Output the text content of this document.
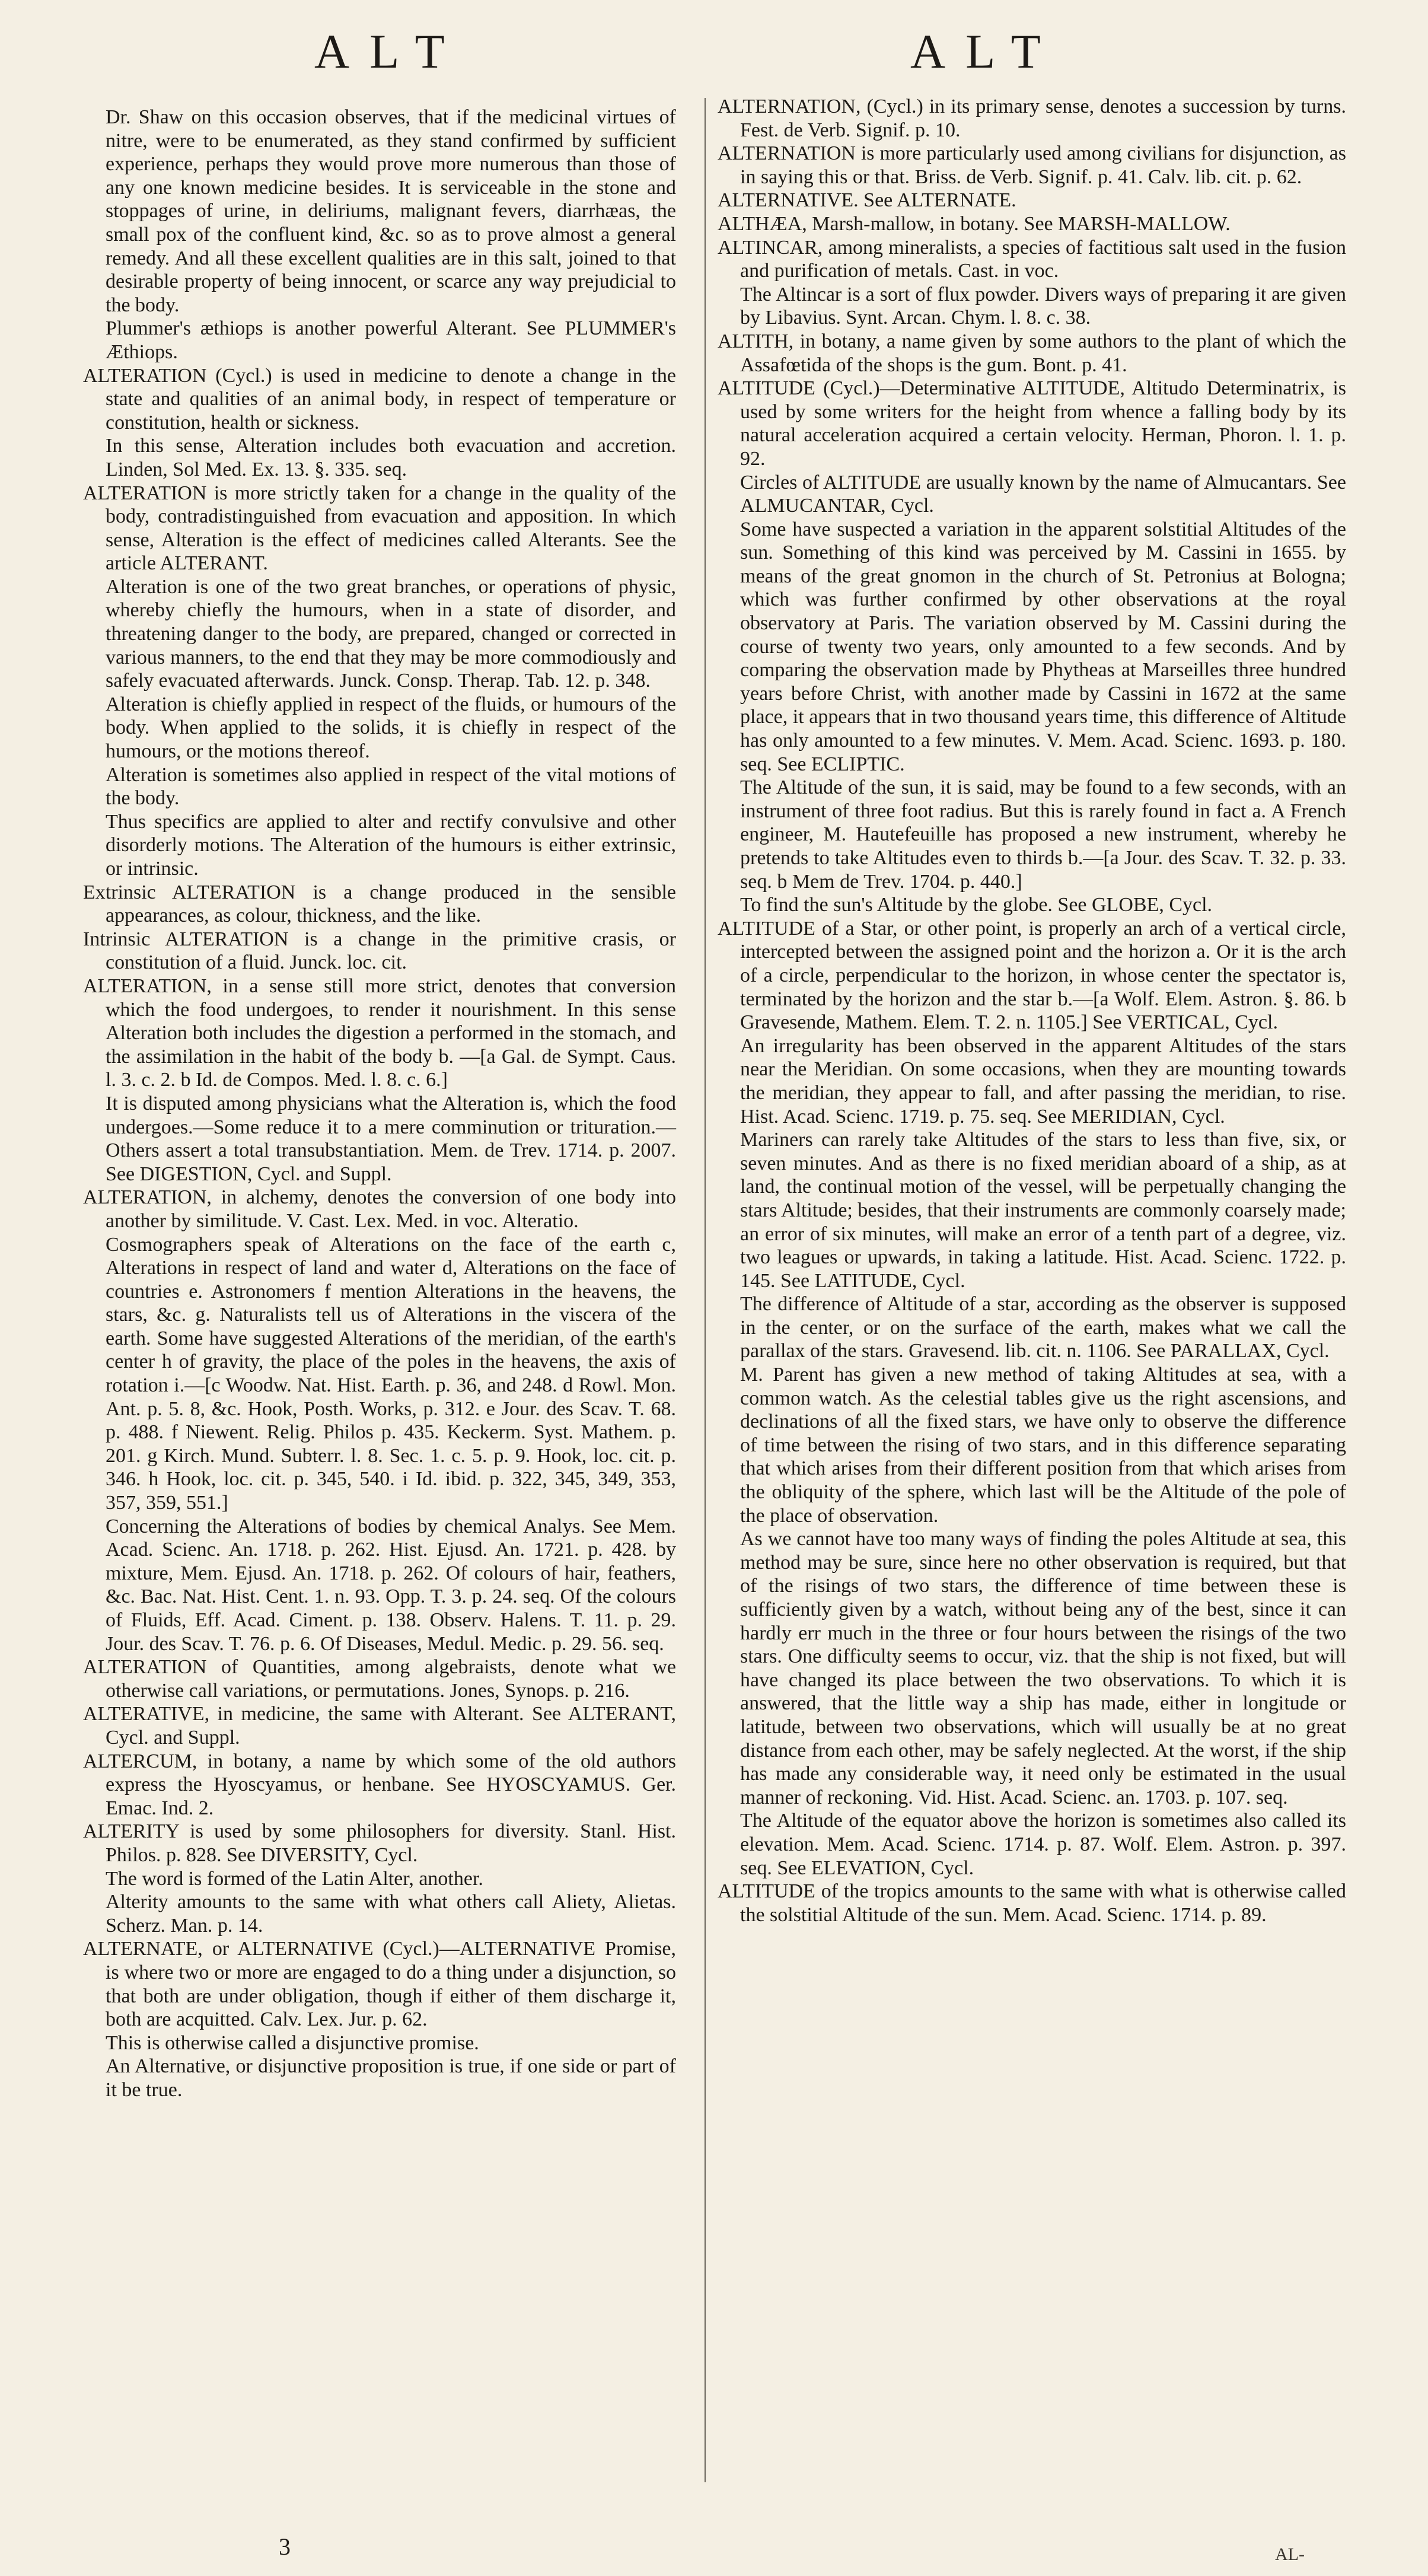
ALT	ALT

Dr. Shaw on this occasion observes, that if the medicinal virtues of nitre, were to be enumerated, as they stand confirmed by sufficient experience, perhaps they would prove more numerous than those of any one known medicine besides. It is serviceable in the stone and stoppages of urine, in deliriums, malignant fevers, diarrhæas, the small pox of the confluent kind, &c. so as to prove almost a general remedy. And all these excellent qualities are in this salt, joined to that desirable property of being innocent, or scarce any way prejudicial to the body.

Plummer's æthiops is another powerful Alterant. See PLUMMER's Æthiops.

ALTERATION (Cycl.) is used in medicine to denote a change in the state and qualities of an animal body, in respect of temperature or constitution, health or sickness.

In this sense, Alteration includes both evacuation and accretion. Linden, Sol Med. Ex. 13. §. 335. seq.

ALTERATION is more strictly taken for a change in the quality of the body, contradistinguished from evacuation and apposition. In which sense, Alteration is the effect of medicines called Alterants. See the article ALTERANT.

Alteration is one of the two great branches, or operations of physic, whereby chiefly the humours, when in a state of disorder, and threatening danger to the body, are prepared, changed or corrected in various manners, to the end that they may be more commodiously and safely evacuated afterwards. Junck. Consp. Therap. Tab. 12. p. 348.

Alteration is chiefly applied in respect of the fluids, or humours of the body. When applied to the solids, it is chiefly in respect of the humours, or the motions thereof.

Alteration is sometimes also applied in respect of the vital motions of the body.

Thus specifics are applied to alter and rectify convulsive and other disorderly motions. The Alteration of the humours is either extrinsic, or intrinsic.

Extrinsic ALTERATION is a change produced in the sensible appearances, as colour, thickness, and the like.

Intrinsic ALTERATION is a change in the primitive crasis, or constitution of a fluid. Junck. loc. cit.

ALTERATION, in a sense still more strict, denotes that conversion which the food undergoes, to render it nourishment. In this sense Alteration both includes the digestion a performed in the stomach, and the assimilation in the habit of the body b. —[a Gal. de Sympt. Caus. l. 3. c. 2. b Id. de Compos. Med. l. 8. c. 6.]

It is disputed among physicians what the Alteration is, which the food undergoes.—Some reduce it to a mere comminution or trituration.—Others assert a total transubstantiation. Mem. de Trev. 1714. p. 2007. See DIGESTION, Cycl. and Suppl.

ALTERATION, in alchemy, denotes the conversion of one body into another by similitude. V. Cast. Lex. Med. in voc. Alteratio.

Cosmographers speak of Alterations on the face of the earth c, Alterations in respect of land and water d, Alterations on the face of countries e. Astronomers f mention Alterations in the heavens, the stars, &c. g. Naturalists tell us of Alterations in the viscera of the earth. Some have suggested Alterations of the meridian, of the earth's center h of gravity, the place of the poles in the heavens, the axis of rotation i.—[c Woodw. Nat. Hist. Earth. p. 36, and 248. d Rowl. Mon. Ant. p. 5. 8, &c. Hook, Posth. Works, p. 312. e Jour. des Scav. T. 68. p. 488. f Niewent. Relig. Philos p. 435. Keckerm. Syst. Mathem. p. 201. g Kirch. Mund. Subterr. l. 8. Sec. 1. c. 5. p. 9. Hook, loc. cit. p. 346. h Hook, loc. cit. p. 345, 540. i Id. ibid. p. 322, 345, 349, 353, 357, 359, 551.]

Concerning the Alterations of bodies by chemical Analys. See Mem. Acad. Scienc. An. 1718. p. 262. Hist. Ejusd. An. 1721. p. 428. by mixture, Mem. Ejusd. An. 1718. p. 262. Of colours of hair, feathers, &c. Bac. Nat. Hist. Cent. 1. n. 93. Opp. T. 3. p. 24. seq. Of the colours of Fluids, Eff. Acad. Ciment. p. 138. Observ. Halens. T. 11. p. 29. Jour. des Scav. T. 76. p. 6. Of Diseases, Medul. Medic. p. 29. 56. seq.

ALTERATION of Quantities, among algebraists, denote what we otherwise call variations, or permutations. Jones, Synops. p. 216.

ALTERATIVE, in medicine, the same with Alterant. See ALTERANT, Cycl. and Suppl.

ALTERCUM, in botany, a name by which some of the old authors express the Hyoscyamus, or henbane. See HYOSCYAMUS. Ger. Emac. Ind. 2.

ALTERITY is used by some philosophers for diversity. Stanl. Hist. Philos. p. 828. See DIVERSITY, Cycl.

The word is formed of the Latin Alter, another.

Alterity amounts to the same with what others call Aliety, Alietas. Scherz. Man. p. 14.

ALTERNATE, or ALTERNATIVE (Cycl.)—ALTERNATIVE Promise, is where two or more are engaged to do a thing under a disjunction, so that both are under obligation, though if either of them discharge it, both are acquitted. Calv. Lex. Jur. p. 62.

This is otherwise called a disjunctive promise.

An Alternative, or disjunctive proposition is true, if one side or part of it be true.

ALTERNATION, (Cycl.) in its primary sense, denotes a succession by turns. Fest. de Verb. Signif. p. 10.

ALTERNATION is more particularly used among civilians for disjunction, as in saying this or that. Briss. de Verb. Signif. p. 41. Calv. lib. cit. p. 62.

ALTERNATIVE. See ALTERNATE.

ALTHÆA, Marsh-mallow, in botany. See MARSH-MALLOW.

ALTINCAR, among mineralists, a species of factitious salt used in the fusion and purification of metals. Cast. in voc.

The Altincar is a sort of flux powder. Divers ways of preparing it are given by Libavius. Synt. Arcan. Chym. l. 8. c. 38.

ALTITH, in botany, a name given by some authors to the plant of which the Assafœtida of the shops is the gum. Bont. p. 41.

ALTITUDE (Cycl.)—Determinative ALTITUDE, Altitudo Determinatrix, is used by some writers for the height from whence a falling body by its natural acceleration acquired a certain velocity. Herman, Phoron. l. 1. p. 92.

Circles of ALTITUDE are usually known by the name of Almucantars. See ALMUCANTAR, Cycl.

Some have suspected a variation in the apparent solstitial Altitudes of the sun. Something of this kind was perceived by M. Cassini in 1655. by means of the great gnomon in the church of St. Petronius at Bologna; which was further confirmed by other observations at the royal observatory at Paris. The variation observed by M. Cassini during the course of twenty two years, only amounted to a few seconds. And by comparing the observation made by Phytheas at Marseilles three hundred years before Christ, with another made by Cassini in 1672 at the same place, it appears that in two thousand years time, this difference of Altitude has only amounted to a few minutes. V. Mem. Acad. Scienc. 1693. p. 180. seq. See ECLIPTIC.

The Altitude of the sun, it is said, may be found to a few seconds, with an instrument of three foot radius. But this is rarely found in fact a. A French engineer, M. Hautefeuille has proposed a new instrument, whereby he pretends to take Altitudes even to thirds b.—[a Jour. des Scav. T. 32. p. 33. seq. b Mem de Trev. 1704. p. 440.]

To find the sun's Altitude by the globe. See GLOBE, Cycl.

ALTITUDE of a Star, or other point, is properly an arch of a vertical circle, intercepted between the assigned point and the horizon a. Or it is the arch of a circle, perpendicular to the horizon, in whose center the spectator is, terminated by the horizon and the star b.—[a Wolf. Elem. Astron. §. 86. b Gravesende, Mathem. Elem. T. 2. n. 1105.] See VERTICAL, Cycl.

An irregularity has been observed in the apparent Altitudes of the stars near the Meridian. On some occasions, when they are mounting towards the meridian, they appear to fall, and after passing the meridian, to rise. Hist. Acad. Scienc. 1719. p. 75. seq. See MERIDIAN, Cycl.

Mariners can rarely take Altitudes of the stars to less than five, six, or seven minutes. And as there is no fixed meridian aboard of a ship, as at land, the continual motion of the vessel, will be perpetually changing the stars Altitude; besides, that their instruments are commonly coarsely made; an error of six minutes, will make an error of a tenth part of a degree, viz. two leagues or upwards, in taking a latitude. Hist. Acad. Scienc. 1722. p. 145. See LATITUDE, Cycl.

The difference of Altitude of a star, according as the observer is supposed in the center, or on the surface of the earth, makes what we call the parallax of the stars. Gravesend. lib. cit. n. 1106. See PARALLAX, Cycl.

M. Parent has given a new method of taking Altitudes at sea, with a common watch. As the celestial tables give us the right ascensions, and declinations of all the fixed stars, we have only to observe the difference of time between the rising of two stars, and in this difference separating that which arises from their different position from that which arises from the obliquity of the sphere, which last will be the Altitude of the pole of the place of observation.

As we cannot have too many ways of finding the poles Altitude at sea, this method may be sure, since here no other observation is required, but that of the risings of two stars, the difference of time between these is sufficiently given by a watch, without being any of the best, since it can hardly err much in the three or four hours between the risings of the two stars. One difficulty seems to occur, viz. that the ship is not fixed, but will have changed its place between the two observations. To which it is answered, that the little way a ship has made, either in longitude or latitude, between two observations, which will usually be at no great distance from each other, may be safely neglected. At the worst, if the ship has made any considerable way, it need only be estimated in the usual manner of reckoning. Vid. Hist. Acad. Scienc. an. 1703. p. 107. seq.

The Altitude of the equator above the horizon is sometimes also called its elevation. Mem. Acad. Scienc. 1714. p. 87. Wolf. Elem. Astron. p. 397. seq. See ELEVATION, Cycl.

ALTITUDE of the tropics amounts to the same with what is otherwise called the solstitial Altitude of the sun. Mem. Acad. Scienc. 1714. p. 89.

3	AL-
